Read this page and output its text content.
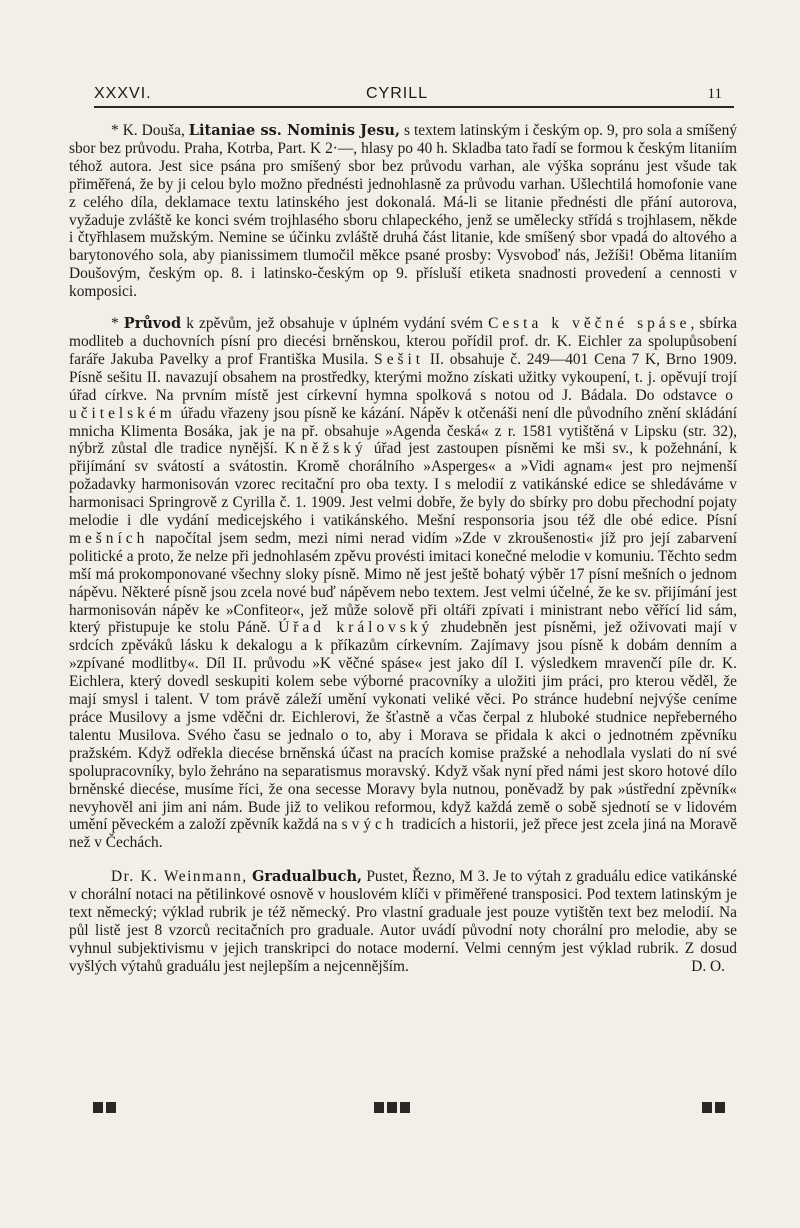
XXXVI.	CYRILL	11

* K. Douša, Litaniae ss. Nominis Jesu, s textem latinským i českým op. 9, pro sola a smíšený sbor bez průvodu. Praha, Kotrba, Part. K 2·—, hlasy po 40 h. Skladba tato řadí se formou k českým litaniím téhož autora. Jest sice psána pro smíšený sbor bez průvodu varhan, ale výška sopránu jest všude tak přiměřená, že by ji celou bylo možno přednésti jednohlasně za průvodu varhan. Ušlechtilá homofonie vane z celého díla, deklamace textu latinského jest dokonalá. Má-li se litanie přednésti dle přání autorova, vyžaduje zvláště ke konci svém trojhlasého sboru chlapeckého, jenž se umělecky střídá s trojhlasem, někde i čtyřhlasem mužským. Nemine se účinku zvláště druhá část litanie, kde smíšený sbor vpadá do altového a barytonového sola, aby pianissimem tlumočil měkce psané prosby: Vysvoboď nás, Ježíši! Oběma litaniím Doušovým, českým op. 8. i latinsko-českým op 9. přísluší etiketa snadnosti provedení a cennosti v komposici.

* Průvod k zpěvům, jež obsahuje v úplném vydání svém Cesta k věčné spáse, sbírka modliteb a duchovních písní pro diecési brněnskou, kterou pořídil prof. dr. K. Eichler za spolupůsobení faráře Jakuba Pavelky a prof Františka Musila. Sešit II. obsahuje č. 249—401 Cena 7 K, Brno 1909. Písně sešitu II. navazují obsahem na prostředky, kterými možno získati užitky vykoupení, t. j. opěvují trojí úřad církve. Na prvním místě jest církevní hymna spolková s notou od J. Bádala. Do odstavce o učitelském úřadu vřazeny jsou písně ke kázání. Nápěv k otčenáši není dle původního znění skládání mnicha Klimenta Bosáka, jak je na př. obsahuje »Agenda česká« z r. 1581 vytištěná v Lipsku (str. 32), nýbrž zůstal dle tradice nynější. Kněžský úřad jest zastoupen písněmi ke mši sv., k požehnání, k přijímání sv svátostí a svátostin. Kromě chorálního »Asperges« a »Vidi agnam« jest pro nejmenší požadavky harmonisován vzorec recitační pro oba texty. I s melodií z vatikánské edice se shledáváme v harmonisaci Springrově z Cyrilla č. 1. 1909. Jest velmi dobře, že byly do sbírky pro dobu přechodní pojaty melodie i dle vydání medicejského i vatikánského. Mešní responsoria jsou též dle obé edice. Písní mešních napočítal jsem sedm, mezi nimi nerad vidím »Zde v zkroušenosti« jíž pro její zabarvení politické a proto, že nelze při jednohlasém zpěvu provésti imitaci konečné melodie v komuniu. Těchto sedm mší má prokomponované všechny sloky písně. Mimo ně jest ještě bohatý výběr 17 písní mešních o jednom nápěvu. Některé písně jsou zcela nové buď nápěvem nebo textem. Jest velmi účelné, že ke sv. přijímání jest harmonisován nápěv ke »Confiteor«, jež může solově při oltáři zpívati i ministrant nebo věřící lid sám, který přistupuje ke stolu Páně. Úřad královský zhudebněn jest písněmi, jež oživovati mají v srdcích zpěváků lásku k dekalogu a k příkazům církevním. Zajímavy jsou písně k dobám denním a »zpívané modlitby«. Díl II. průvodu »K věčné spáse« jest jako díl I. výsledkem mravenčí píle dr. K. Eichlera, který dovedl seskupiti kolem sebe výborné pracovníky a uložiti jim práci, pro kterou věděl, že mají smysl i talent. V tom právě záleží umění vykonati veliké věci. Po stránce hudební nejvýše ceníme práce Musilovy a jsme vděčni dr. Eichlerovi, že šťastně a včas čerpal z hluboké studnice nepřeberného talentu Musilova. Svého času se jednalo o to, aby i Morava se přidala k akci o jednotném zpěvníku pražském. Když odřekla diecése brněnská účast na pracích komise pražské a nehodlala vyslati do ní své spolupracovníky, bylo žehráno na separatismus moravský. Když však nyní před námi jest skoro hotové dílo brněnské diecése, musíme říci, že ona secesse Moravy byla nutnou, poněvadž by pak »ústřední zpěvník« nevyhověl ani jim ani nám. Bude již to velikou reformou, když každá země o sobě sjednotí se v lidovém umění pěveckém a založí zpěvník každá na svých tradicích a historii, jež přece jest zcela jiná na Moravě než v Čechách.

Dr. K. Weinmann, Gradualbuch, Pustet, Řezno, M 3. Je to výtah z graduálu edice vatikánské v chorální notaci na pětilinkové osnově v houslovém klíči v přiměřené transposici. Pod textem latinským je text německý; výklad rubrik je též německý. Pro vlastní graduale jest pouze vytištěn text bez melodií. Na půl listě jest 8 vzorců recitačních pro graduale. Autor uvádí původní noty chorální pro melodie, aby se vyhnul subjektivismu v jejich transkripci do notace moderní. Velmi cenným jest výklad rubrik. Z dosud vyšlých výtahů graduálu jest nejlepším a nejcennějším.	D. O.
